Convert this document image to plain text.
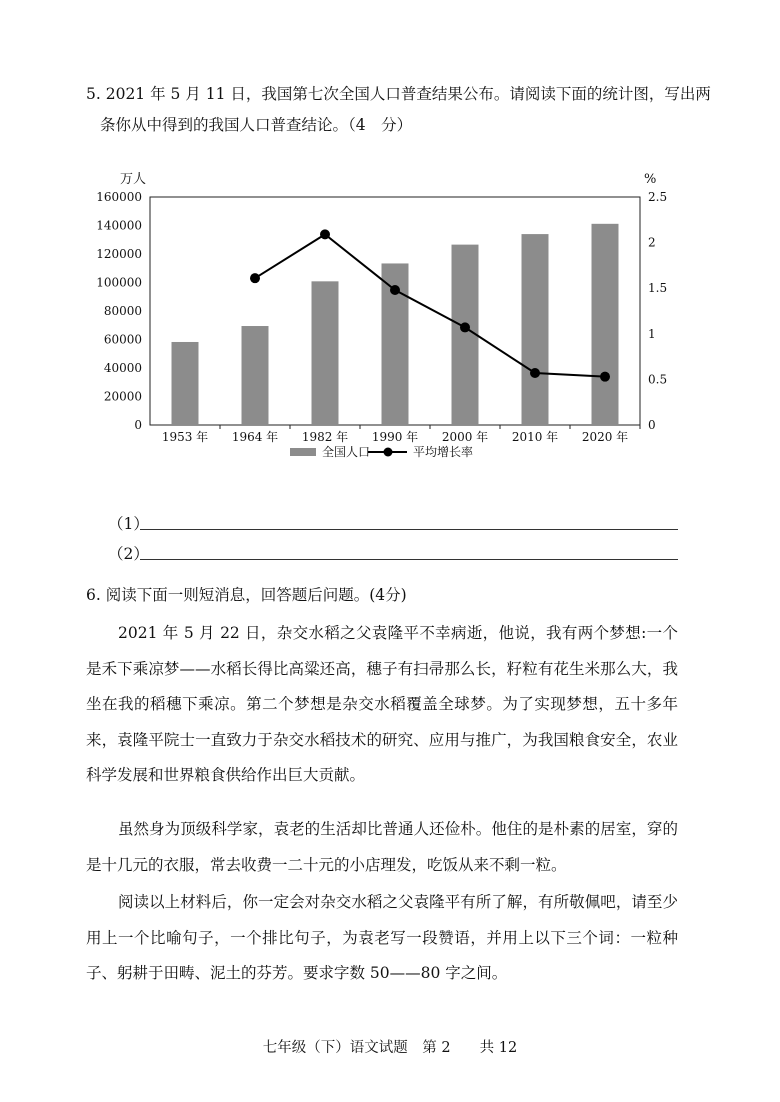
5. 2021 年 5 月 11 日，我国第七次全国人口普查结果公布。请阅读下面的统计图，写出两
条你从中得到的我国人口普查结论。（4　分）
万人	%
160000
140000
120000
100000
80000
60000
40000
20000
0
2.5
2
1.5
1
0.5
0
1953 年 1964 年 1982 年 1990 年 2000 年 2010 年 2020 年
全国人口	平均增长率
（1）
（2）
6. 阅读下面一则短消息，回答题后问题。(4分)
2021 年 5 月 22 日，杂交水稻之父袁隆平不幸病逝，他说，我有两个梦想:一个是禾下乘凉梦——水稻长得比高粱还高，穗子有扫帚那么长，籽粒有花生米那么大，我坐在我的稻穗下乘凉。第二个梦想是杂交水稻覆盖全球梦。为了实现梦想，五十多年来，袁隆平院士一直致力于杂交水稻技术的研究、应用与推广，为我国粮食安全，农业科学发展和世界粮食供给作出巨大贡献。
虽然身为顶级科学家，袁老的生活却比普通人还俭朴。他住的是朴素的居室，穿的是十几元的衣服，常去收费一二十元的小店理发，吃饭从来不剩一粒。
阅读以上材料后，你一定会对杂交水稻之父袁隆平有所了解，有所敬佩吧，请至少用上一个比喻句子，一个排比句子，为袁老写一段赞语，并用上以下三个词：一粒种子、躬耕于田畴、泥土的芬芳。要求字数 50——80 字之间。
七年级（下）语文试题　第 2　　共 12
